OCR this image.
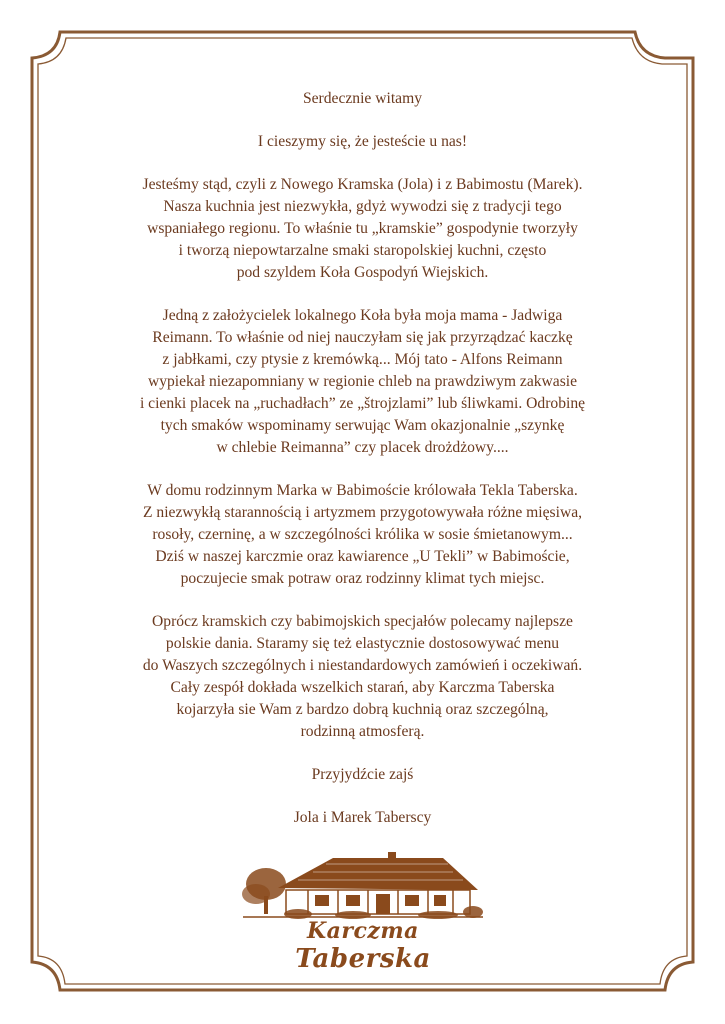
Serdecznie witamy

I cieszymy się, że jesteście u nas!

Jesteśmy stąd, czyli z Nowego Kramska (Jola) i z Babimostu (Marek).
Nasza kuchnia jest niezwykła, gdyż wywodzi się z tradycji tego
wspaniałego regionu. To właśnie tu „kramskie” gospodynie tworzyły
i tworzą niepowtarzalne smaki staropolskiej kuchni, często
pod szyldem Koła Gospodyń Wiejskich.

Jedną z założycielek lokalnego Koła była moja mama - Jadwiga
Reimann. To właśnie od niej nauczyłam się jak przyrządzać kaczkę
z jabłkami, czy ptysie z kremówką... Mój tato - Alfons Reimann
wypiekał niezapomniany w regionie chleb na prawdziwym zakwasie
i cienki placek na „ruchadłach” ze „štrojzlami” lub śliwkami. Odrobinę
tych smaków wspominamy serwując Wam okazjonalnie „szynkę
w chlebie Reimanna” czy placek drożdżowy....

W domu rodzinnym Marka w Babimoście królowała Tekla Taberska.
Z niezwykłą starannością i artyzmem przygotowywała różne mięsiwa,
rosoły, czerninę, a w szczególności królika w sosie śmietanowym...
Dziś w naszej karczmie oraz kawiarence „U Tekli” w Babimoście,
poczujecie smak potraw oraz rodzinny klimat tych miejsc.

Oprócz kramskich czy babimojskich specjałów polecamy najlepsze
polskie dania. Staramy się też elastycznie dostosowywać menu
do Waszych szczególnych i niestandardowych zamówień i oczekiwań.
Cały zespół dokłada wszelkich starań, aby Karczma Taberska
kojarzyła sie Wam z bardzo dobrą kuchnią oraz szczególną,
rodzinną atmosferą.

Przyjydźcie zajś

Jola i Marek Taberscy

Karczma Taberska
